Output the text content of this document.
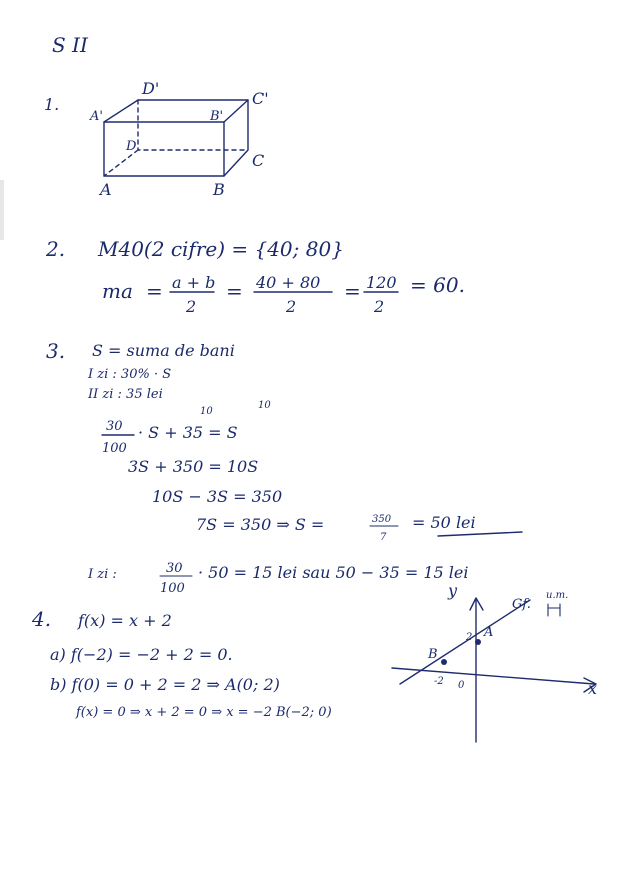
S II
1.
A	B
C
D
A'	B'
C'
D'
2. M40(2 cifre) = {40; 80}
ma = a + b
2
= 40 + 80
2
= 120
2
= 60.
3. S = suma de bani
I zi : 30% · S
II zi : 35 lei
10
10
30
100
· S + 35 = S
3S + 350 = 10S
10S − 3S = 350
7S = 350 ⇒ S =	350
7
= 50 lei
I zi :	30
100
· 50 = 15 lei sau 50 − 35 = 15 lei
4. f(x) = x + 2
a) f(−2) = −2 + 2 = 0.
b) f(0) = 0 + 2 = 2 ⇒ A(0; 2)
f(x) = 0 ⇒ x + 2 = 0 ⇒ x = −2 B(−2; 0)
y
x
A
B
2
-2 0
Gf.
u.m.
